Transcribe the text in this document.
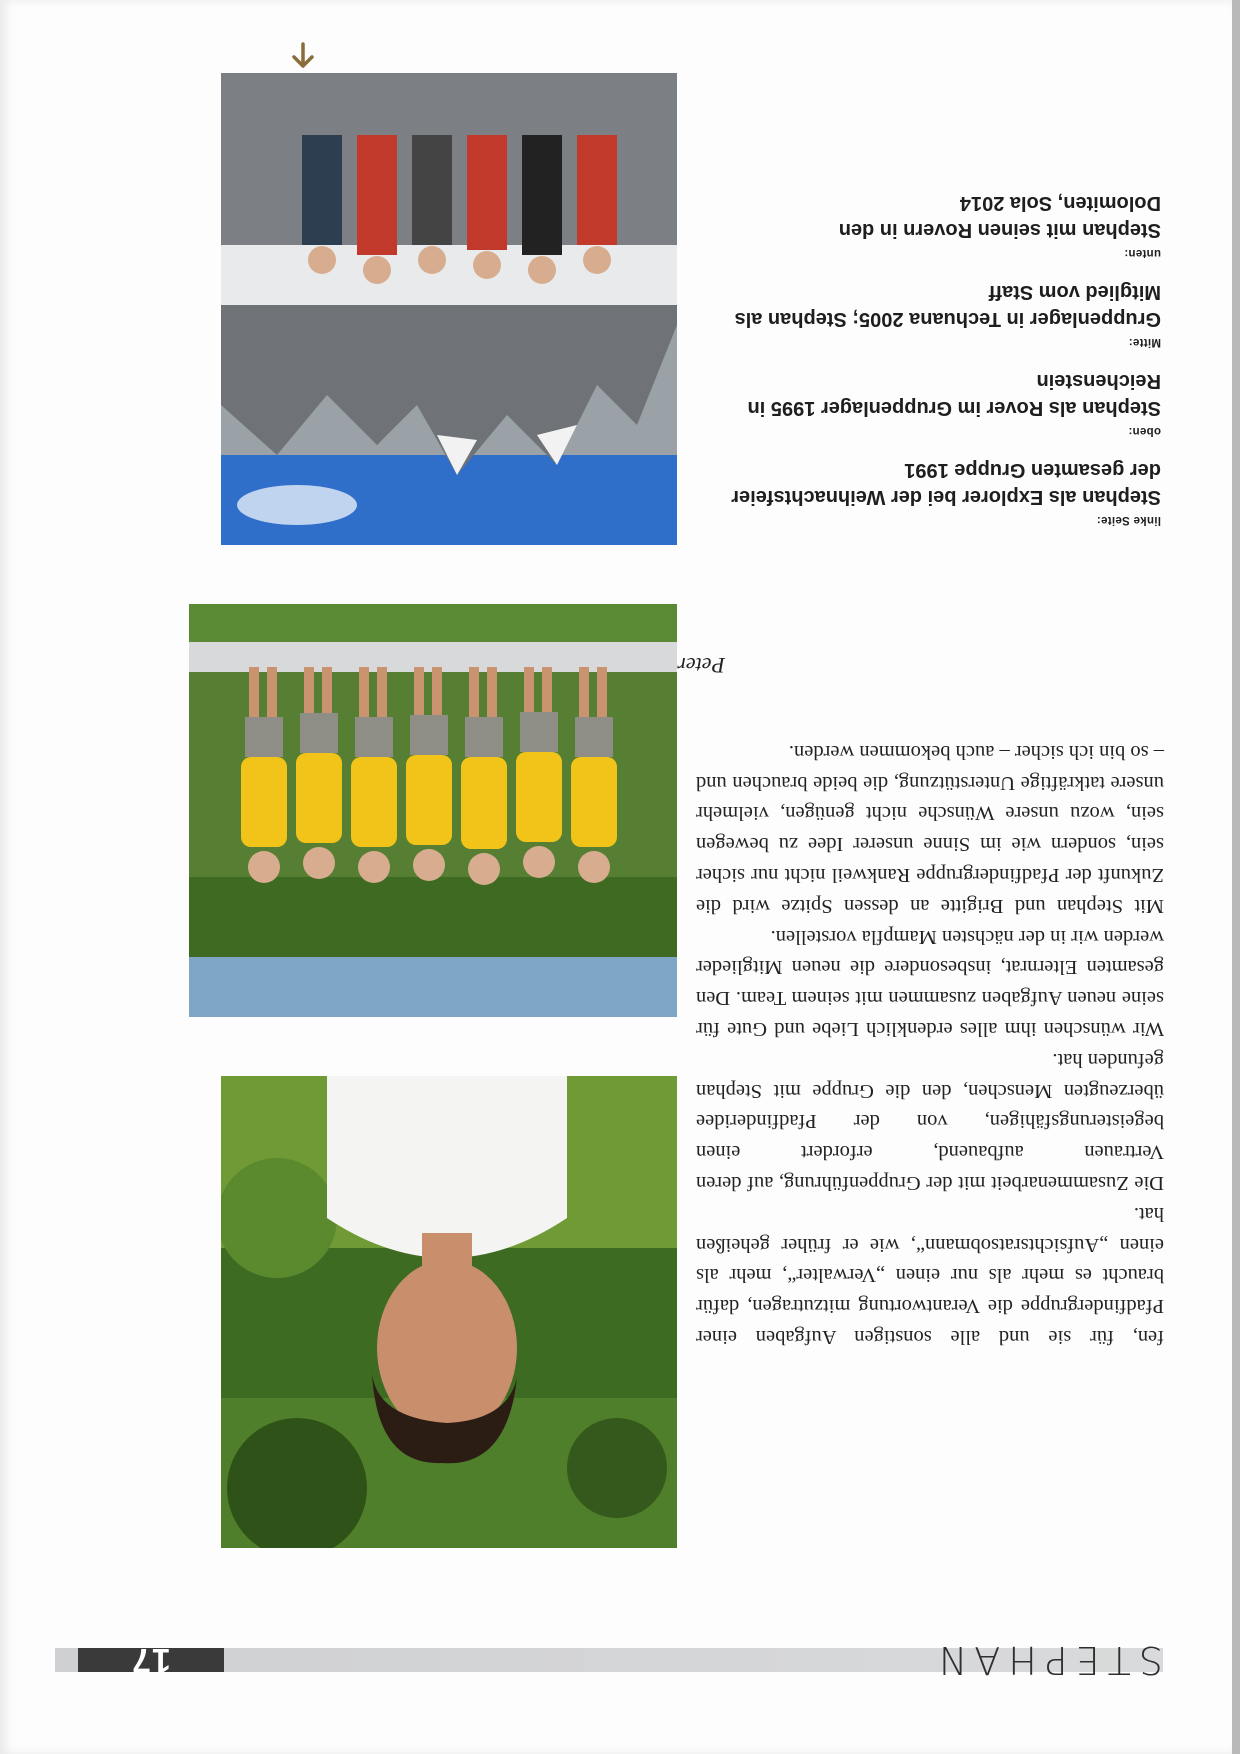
17	STEPHAN

fen, für sie und alle sonstigen Aufgaben einer Pfadfindergruppe die Verantwortung mitzutragen, dafür braucht es mehr als nur einen „Verwalter“, mehr als einen „Aufsichtsratsobmann“, wie er früher geheißen hat.

Die Zusammenarbeit mit der Gruppenführung, auf deren Vertrauen aufbauend, erfordert einen begeisterungsfähigen, von der Pfadfinderidee überzeugten Menschen, den die Gruppe mit Stephan gefunden hat.

Wir wünschen ihm alles erdenklich Liebe und Gute für seine neuen Aufgaben zusammen mit seinem Team. Den gesamten Elternrat, insbesondere die neuen Mitglieder werden wir in der nächsten Mampfla vorstellen.

Mit Stephan und Brigitte an dessen Spitze wird die Zukunft der Pfadfindergruppe Rankweil nicht nur sicher sein, sondern wie im Sinne unserer Idee zu bewegen sein, wozu unsere Wünsche nicht genügen, vielmehr unsere tatkräftige Unterstützung, die beide brauchen und – so bin ich sicher – auch bekommen werden.

Peter
linke Seite:
Stephan als Explorer bei der Weihnachtsfeier der gesamten Gruppe 1991
oben:
Stephan als Rover im Gruppenlager 1995 in Reichenstein
Mitte:
Gruppenlager in Techuana 2005; Stephan als Mitglied vom Staff
unten:
Stephan mit seinen Rovern in den Dolomiten, Sola 2014
